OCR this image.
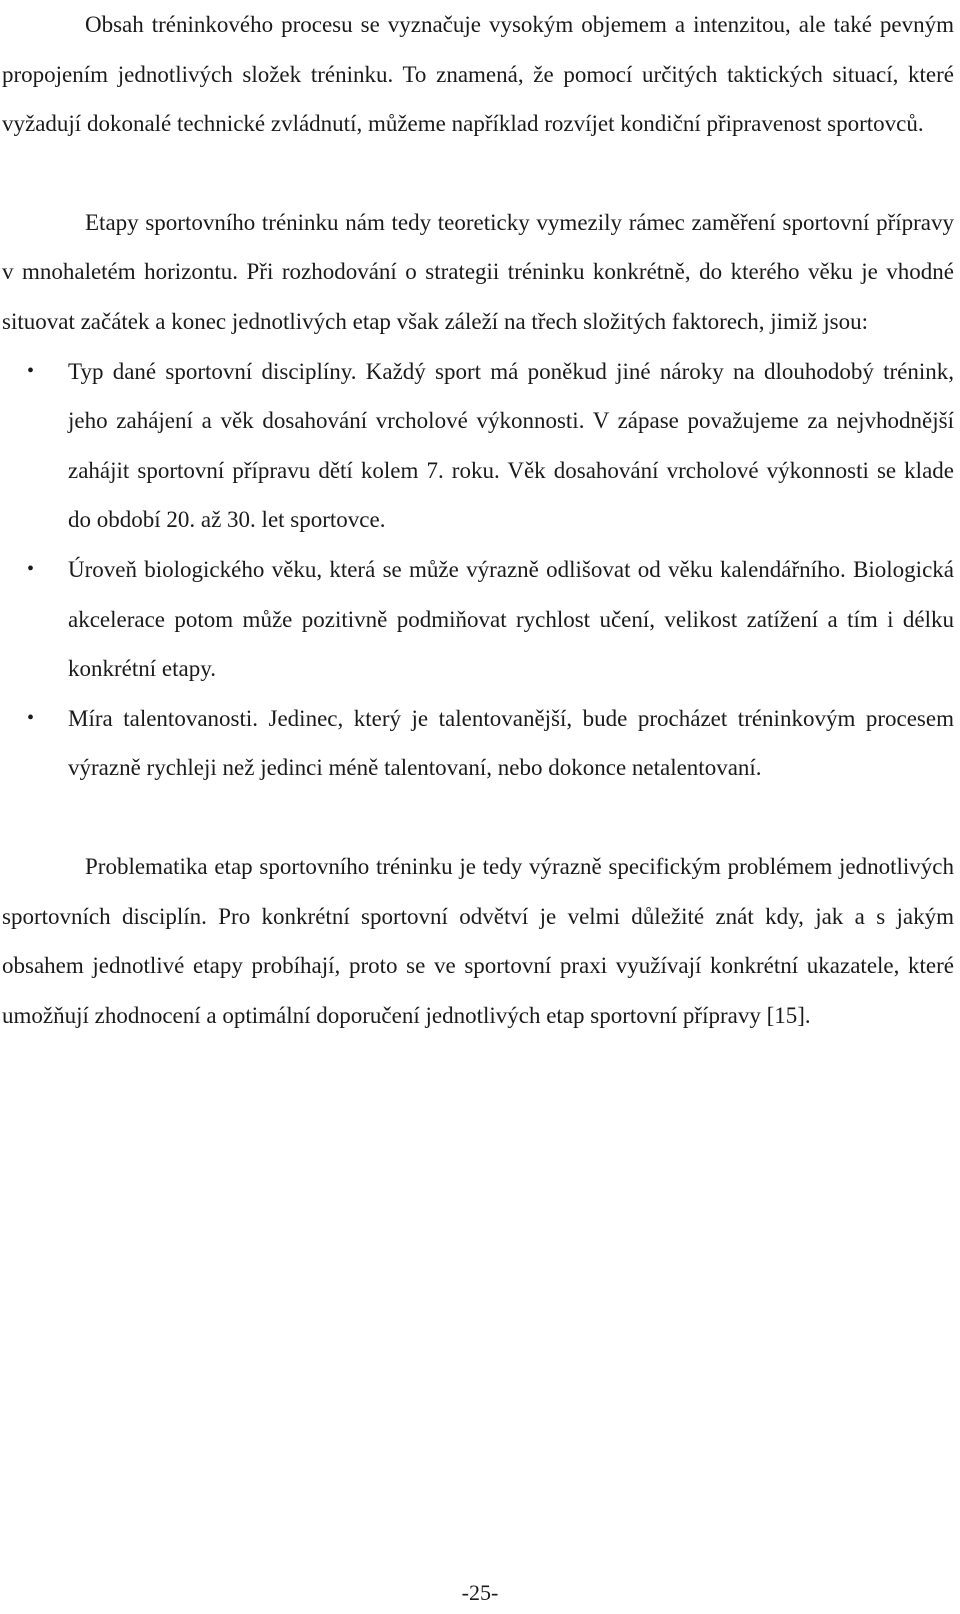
Obsah tréninkového procesu se vyznačuje vysokým objemem a intenzitou, ale také pevným propojením jednotlivých složek tréninku. To znamená, že pomocí určitých taktických situací, které vyžadují dokonalé technické zvládnutí, můžeme například rozvíjet kondiční připravenost sportovců.

Etapy sportovního tréninku nám tedy teoreticky vymezily rámec zaměření sportovní přípravy v mnohaletém horizontu. Při rozhodování o strategii tréninku konkrétně, do kterého věku je vhodné situovat začátek a konec jednotlivých etap však záleží na třech složitých faktorech, jimiž jsou:

• Typ dané sportovní disciplíny. Každý sport má poněkud jiné nároky na dlouhodobý trénink, jeho zahájení a věk dosahování vrcholové výkonnosti. V zápase považujeme za nejvhodnější zahájit sportovní přípravu dětí kolem 7. roku. Věk dosahování vrcholové výkonnosti se klade do období 20. až 30. let sportovce.
• Úroveň biologického věku, která se může výrazně odlišovat od věku kalendářního. Biologická akcelerace potom může pozitivně podmiňovat rychlost učení, velikost zatížení a tím i délku konkrétní etapy.
• Míra talentovanosti. Jedinec, který je talentovanější, bude procházet tréninkovým procesem výrazně rychleji než jedinci méně talentovaní, nebo dokonce netalentovaní.

Problematika etap sportovního tréninku je tedy výrazně specifickým problémem jednotlivých sportovních disciplín. Pro konkrétní sportovní odvětví je velmi důležité znát kdy, jak a s jakým obsahem jednotlivé etapy probíhají, proto se ve sportovní praxi využívají konkrétní ukazatele, které umožňují zhodnocení a optimální doporučení jednotlivých etap sportovní přípravy [15].

-25-
